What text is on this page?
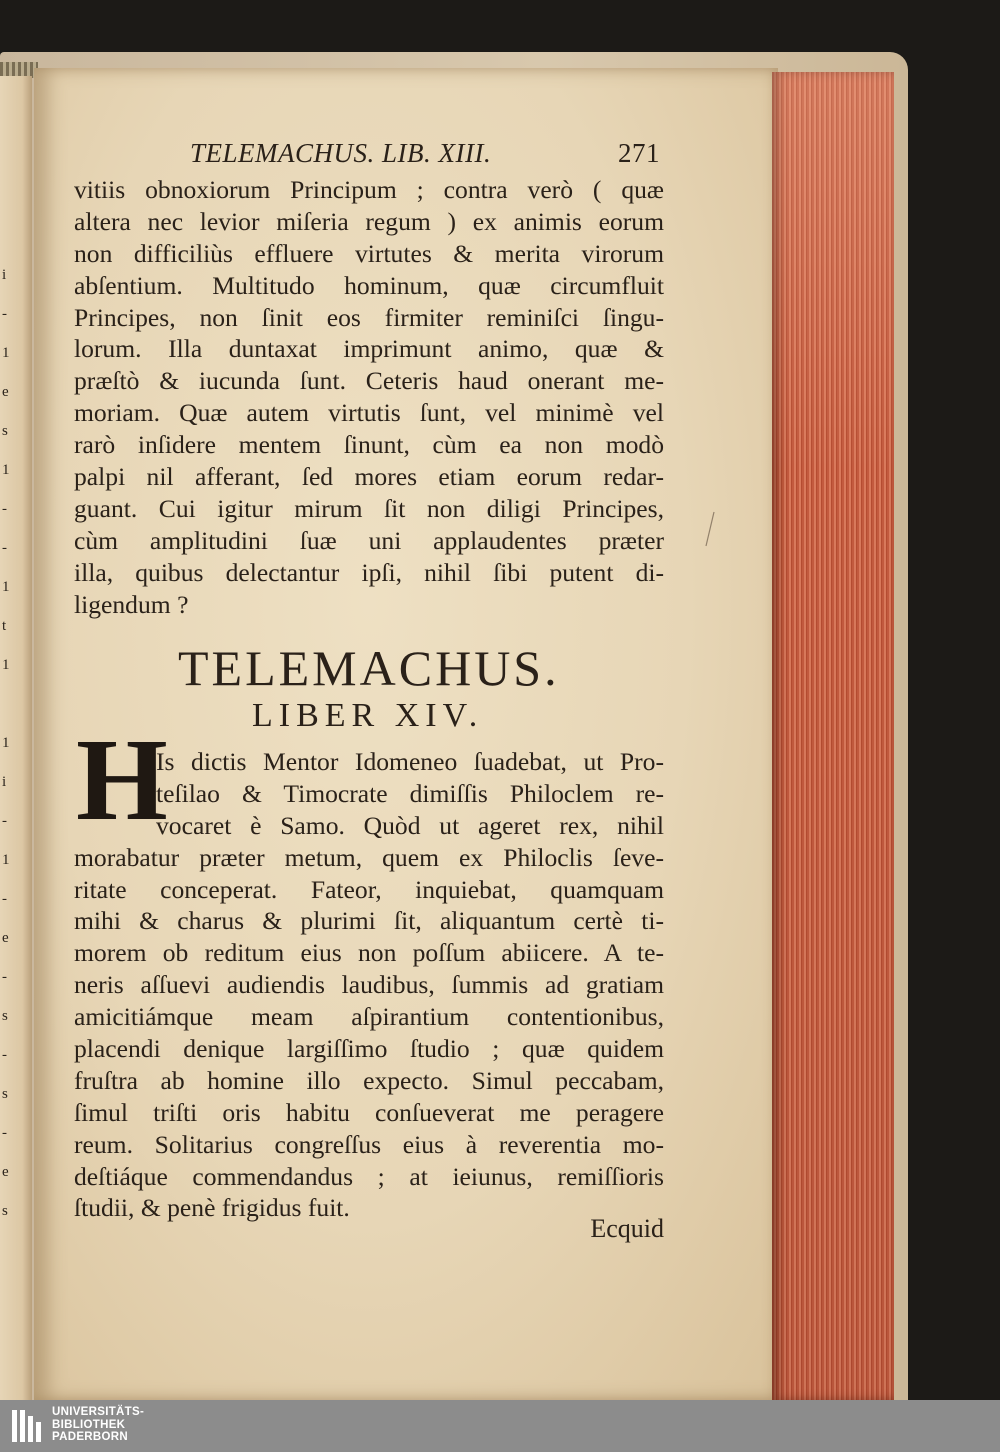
i
-
1
e
s
1
-
-
1
t
1
1
i
-
1
-
e
-
s
-
s
-
e
s
TELEMACHUS. LIB. XIII.	271
vitiis obnoxiorum Principum ; contra verò ( quæ
altera nec levior miſeria regum ) ex animis eorum
non difficiliùs effluere virtutes & merita virorum
abſentium. Multitudo hominum, quæ circumfluit
Principes, non ſinit eos firmiter reminiſci ſingu-
lorum. Illa duntaxat imprimunt animo, quæ &
præſtò & iucunda ſunt. Ceteris haud onerant me-
moriam. Quæ autem virtutis ſunt, vel minimè vel
rarò inſidere mentem ſinunt, cùm ea non modò
palpi nil afferant, ſed mores etiam eorum redar-
guant. Cui igitur mirum ſit non diligi Principes,
cùm amplitudini ſuæ uni applaudentes præter
illa, quibus delectantur ipſi, nihil ſibi putent di-
ligendum ?
TELEMACHUS.
LIBER XIV.
H
Is dictis Mentor Idomeneo ſuadebat, ut Pro-
teſilao & Timocrate dimiſſis Philoclem re-
vocaret è Samo. Quòd ut ageret rex, nihil
morabatur præter metum, quem ex Philoclis ſeve-
ritate conceperat. Fateor, inquiebat, quamquam
mihi & charus & plurimi ſit, aliquantum certè ti-
morem ob reditum eius non poſſum abiicere. A te-
neris aſſuevi audiendis laudibus, ſummis ad gratiam
amicitiámque meam aſpirantium contentionibus,
placendi denique largiſſimo ſtudio ; quæ quidem
fruſtra ab homine illo expecto. Simul peccabam,
ſimul triſti oris habitu conſueverat me peragere
reum. Solitarius congreſſus eius à reverentia mo-
deſtiáque commendandus ; at ieiunus, remiſſioris
ſtudii, & penè frigidus fuit.
Ecquid
UNIVERSITÄTS-
BIBLIOTHEK
PADERBORN
